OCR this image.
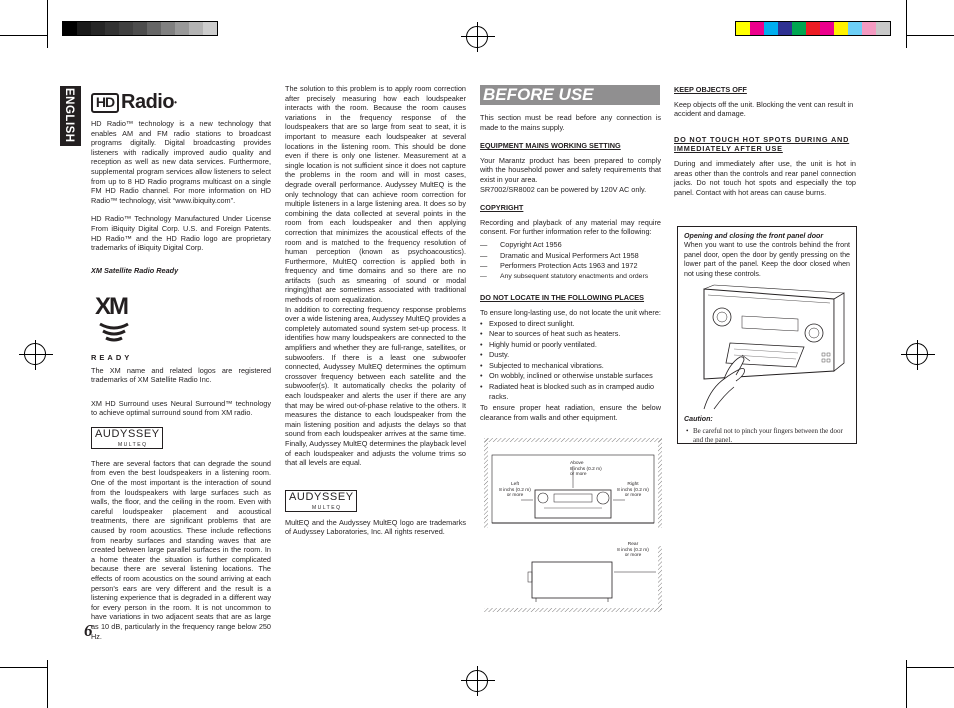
ENGLISH	HD Radio•

HD Radio™ technology is a new technology that enables AM and FM radio stations to broadcast programs digitally. Digital broadcasting provides listeners with radically improved audio quality and reception as well as new data services. Furthermore, supplemental program services allow listeners to select from up to 8 HD Radio programs multicast on a single FM HD Radio channel. For more information on HD Radio™ technology, visit “www.ibiquity.com”.

HD Radio™ Technology Manufactured Under License From iBiquity Digital Corp. U.S. and Foreign Patents. HD Radio™ and the HD Radio logo are proprietary trademarks of iBiquity Digital Corp.

XM Satellite Radio Ready
XM
READY

The XM name and related logos are registered trademarks of XM Satellite Radio Inc.

XM HD Surround uses Neural Surround™ technology to achieve optimal surround sound from XM radio.

AUDYSSEY
MULTEQ

There are several factors that can degrade the sound from even the best loudspeakers in a listening room. One of the most important is the interaction of sound from the loudspeakers with large surfaces such as walls, the floor, and the ceiling in the room. Even with careful loudspeaker placement and acoustical treatments, there are significant problems that are caused by room acoustics. These include reflections from nearby surfaces and standing waves that are created between large parallel surfaces in the room. In a home theater the situation is further complicated because there are several listening locations. The effects of room acoustics on the sound arriving at each person’s ears are very different and the result is a listening experience that is degraded in a different way for every person in the room. It is not uncommon to have variations in two adjacent seats that are as large as 10 dB, particularly in the frequency range below 250 Hz.

The solution to this problem is to apply room correction after precisely measuring how each loudspeaker interacts with the room. Because the room causes variations in the frequency response of the loudspeakers that are so large from seat to seat, it is important to measure each loudspeaker at several locations in the listening room. This should be done even if there is only one listener. Measurement at a single location is not sufficient since it does not capture the problems in the room and will in most cases, degrade overall performance. Audyssey MultEQ is the only technology that can achieve room correction for multiple listeners in a large listening area. It does so by combining the data collected at several points in the room from each loudspeaker and then applying correction that minimizes the acoustical effects of the room and is matched to the frequency resolution of human perception (known as psychoacoustics). Furthermore, MultEQ correction is applied both in frequency and time domains and so there are no artifacts (such as smearing of sound or modal ringing)that are sometimes associated with traditional methods of room equalization.

In addition to correcting frequency response problems over a wide listening area, Audyssey MultEQ provides a completely automated sound system set-up process. It identifies how many loudspeakers are connected to the amplifiers and whether they are full-range, satellites, or subwoofers. If there is a least one subwoofer connected, Audyssey MultEQ determines the optimum crossover frequency between each satellite and the subwoofer(s). It automatically checks the polarity of each loudspeaker and alerts the user if there are any that may be wired out-of-phase relative to the others. It measures the distance to each loudspeaker from the main listening position and adjusts the delays so that sound from each loudspeaker arrives at the same time. Finally, Audyssey MultEQ determines the playback level of each loudspeaker and adjusts the volume trims so that all levels are equal.

AUDYSSEY
MULTEQ

MultEQ and the Audyssey MultEQ logo are trademarks of Audyssey Laboratories, Inc. All rights reserved.

BEFORE USE

This section must be read before any connection is made to the mains supply.

EQUIPMENT MAINS WORKING SETTING

Your Marantz product has been prepared to comply with the household power and safety requirements that exist in your area.

SR7002/SR8002 can be powered by 120V AC only.

COPYRIGHT

Recording and playback of any material may require consent. For further information refer to the following:

— Copyright Act 1956
— Dramatic and Musical Performers Act 1958
— Performers Protection Acts 1963 and 1972
— Any subsequent statutory enactments and orders
DO NOT LOCATE IN THE FOLLOWING PLACES

To ensure long-lasting use, do not locate the unit where:

• Exposed to direct sunlight.
• Near to sources of heat such as heaters.
• Highly humid or poorly ventilated.
• Dusty.
• Subjected to mechanical vibrations.
• On wobbly, inclined or otherwise unstable surfaces
• Radiated heat is blocked such as in cramped audio racks.

To ensure proper heat radiation, ensure the below clearance from walls and other equipment.

Above
8 inchs (0.2 m)
or more
Left
8 inchs (0.2 m)
or more
Right
8 inchs (0.2 m)
or more
Rear
8 inchs (0.2 m)
or more
KEEP OBJECTS OFF

Keep objects off the unit. Blocking the vent can result in accident and damage.

DO NOT TOUCH HOT SPOTS DURING AND IMMEDIATELY AFTER USE

During and immediately after use, the unit is hot in areas other than the controls and rear panel connection jacks. Do not touch hot spots and especially the top panel. Contact with hot areas can cause burns.

Opening and closing the front panel door
When you want to use the controls behind the front panel door, open the door by gently pressing on the lower part of the panel. Keep the door closed when not using these controls.
Caution:
• Be careful not to pinch your fingers between the door and the panel.
6
